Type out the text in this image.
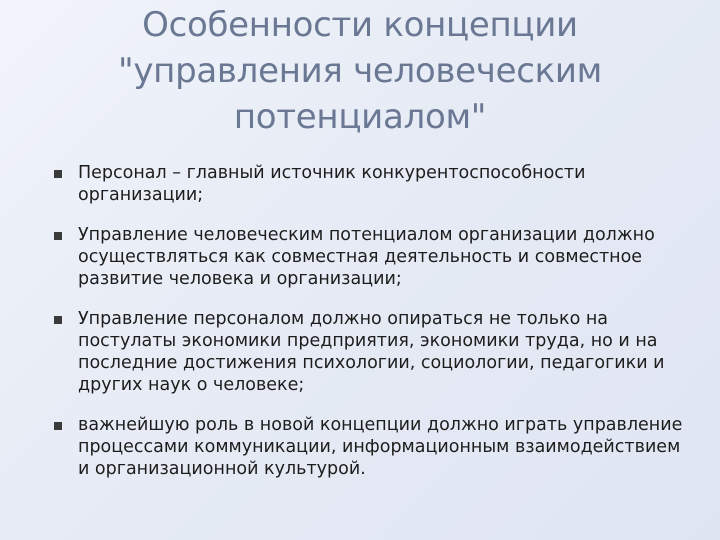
Особенности концепции
"управления человеческим
потенциалом"
Персонал – главный источник конкурентоспособности
организации;
Управление человеческим потенциалом организации должно
осуществляться как совместная деятельность и совместное
развитие человека и организации;
Управление персоналом должно опираться не только на
постулаты экономики предприятия, экономики труда, но и на
последние достижения психологии, социологии, педагогики и
других наук о человеке;
важнейшую роль в новой концепции должно играть управление
процессами коммуникации, информационным взаимодействием
и организационной культурой.
